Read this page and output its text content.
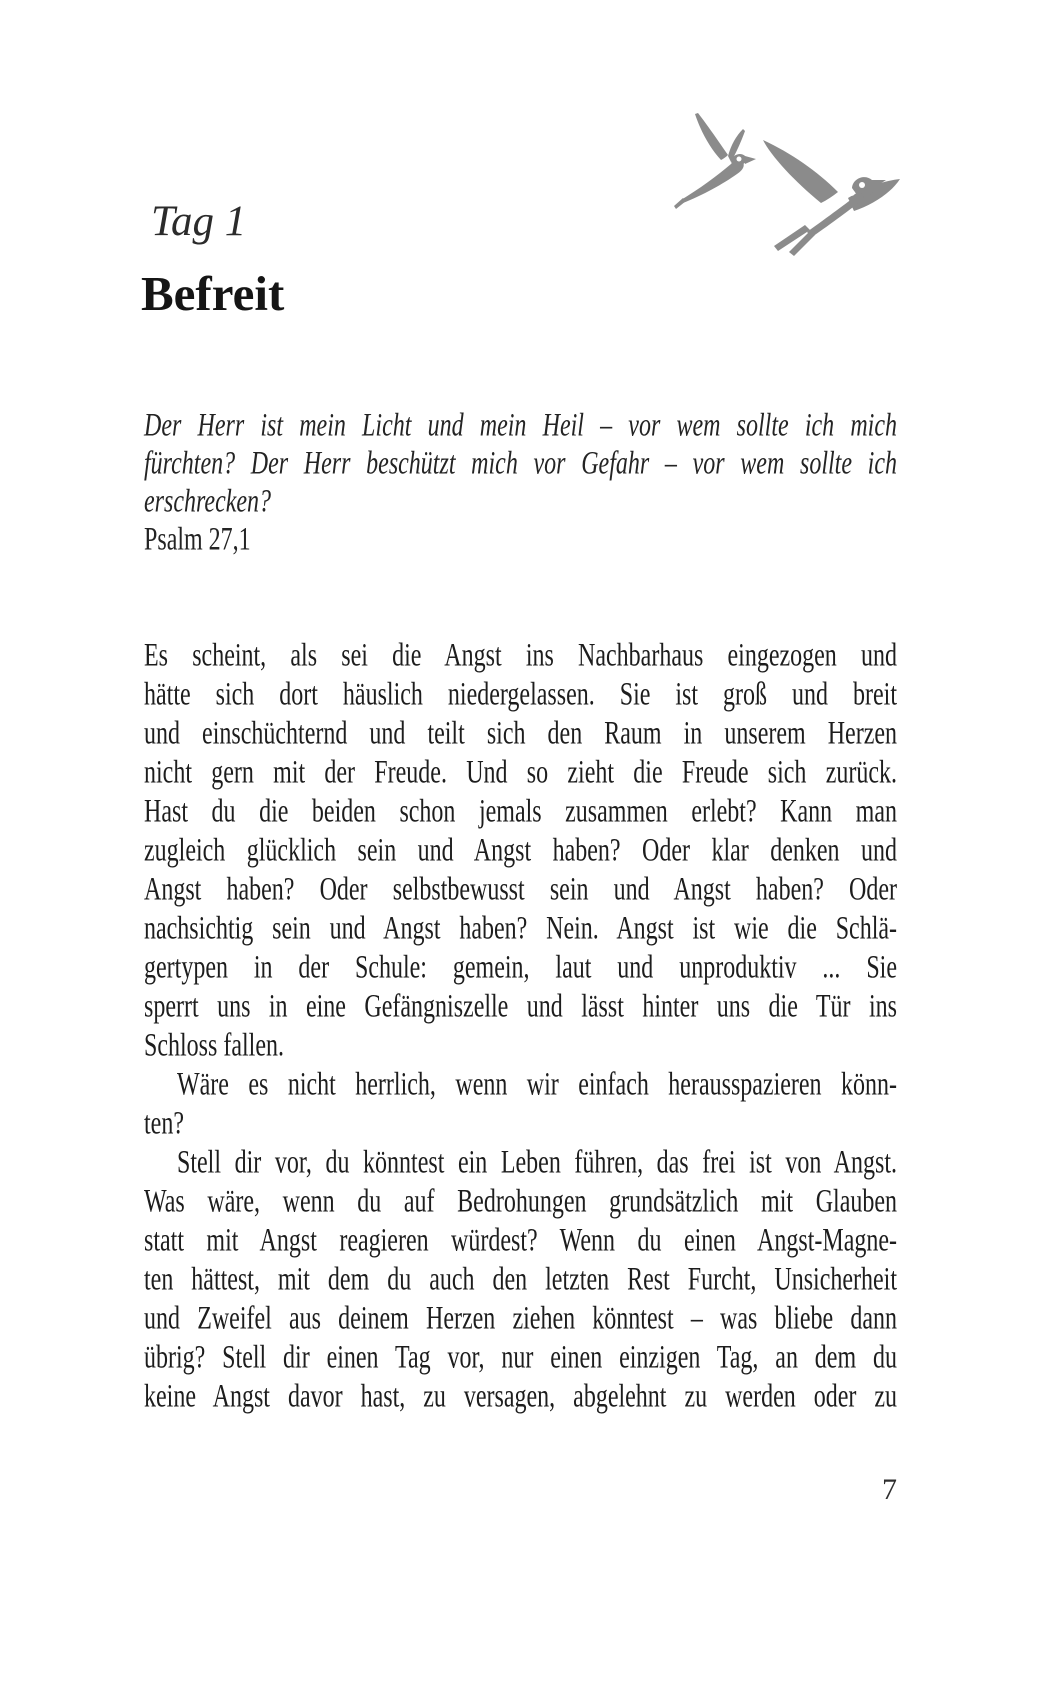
Tag 1
Befreit
Der Herr ist mein Licht und mein Heil – vor wem sollte ich mich
fürchten? Der Herr beschützt mich vor Gefahr – vor wem sollte ich
erschrecken?
Psalm 27,1
Es scheint, als sei die Angst ins Nachbarhaus eingezogen und
hätte sich dort häuslich niedergelassen. Sie ist groß und breit
und einschüchternd und teilt sich den Raum in unserem Herzen
nicht gern mit der Freude. Und so zieht die Freude sich zurück.
Hast du die beiden schon jemals zusammen erlebt? Kann man
zugleich glücklich sein und Angst haben? Oder klar denken und
Angst haben? Oder selbstbewusst sein und Angst haben? Oder
nachsichtig sein und Angst haben? Nein. Angst ist wie die Schlä-
gertypen in der Schule: gemein, laut und unproduktiv ... Sie
sperrt uns in eine Gefängniszelle und lässt hinter uns die Tür ins
Schloss fallen.
Wäre es nicht herrlich, wenn wir einfach herausspazieren könn-
ten?
Stell dir vor, du könntest ein Leben führen, das frei ist von Angst.
Was wäre, wenn du auf Bedrohungen grundsätzlich mit Glauben
statt mit Angst reagieren würdest? Wenn du einen Angst-Magne-
ten hättest, mit dem du auch den letzten Rest Furcht, Unsicherheit
und Zweifel aus deinem Herzen ziehen könntest – was bliebe dann
übrig? Stell dir einen Tag vor, nur einen einzigen Tag, an dem du
keine Angst davor hast, zu versagen, abgelehnt zu werden oder zu
7
